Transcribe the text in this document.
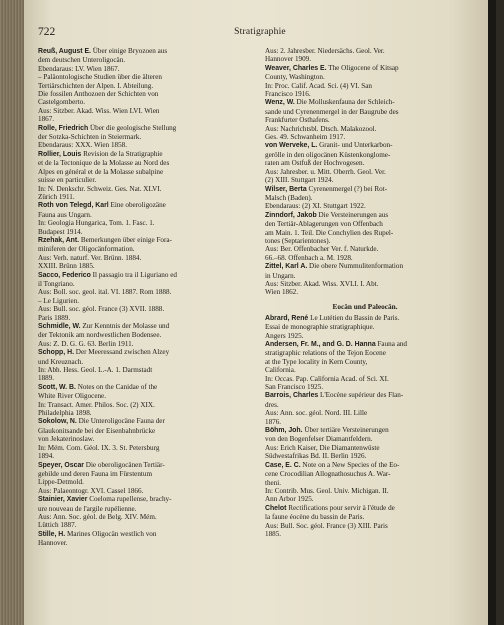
722	Stratigraphie

Reuß, August E. Über einige Bryozoen aus
dem deutschen Unteroligocän.
Ebendaraus: LV. Wien 1867.
– Paläontologische Studien über die älteren
Tertiärschichten der Alpen. I. Abteilung.
Die fossilen Anthozoen der Schichten von
Castelgomberto.
Aus: Sitzber. Akad. Wiss. Wien LVI. Wien
1867.

Rolle, Friedrich Über die geologische Stellung
der Sotzka-Schichten in Steiermark.
Ebendaraus: XXX. Wien 1858.

Rollier, Louis Revision de la Stratigraphie
et de la Tectonique de la Molasse au Nord des
Alpes en général et de la Molasse subalpine
suisse en particulier.
In: N. Denkschr. Schweiz. Ges. Nat. XLVI.
Zürich 1911.

Roth von Telegd, Karl Eine oberoligozäne
Fauna aus Ungarn.
In: Geologia Hungarica, Tom. 1. Fasc. 1.
Budapest 1914.

Rzehak, Ant. Bemerkungen über einige Fora-
miniferen der Oligocänformation.
Aus: Verh. naturf. Ver. Brünn. 1884.
XXIII. Brünn 1885.

Sacco, Federico Il passagio tra il Liguriano ed
il Tongriano.
Aus: Boll. soc. geol. ital. VI. 1887. Rom 1888.
– Le Ligurien.
Aus: Bull. soc. géol. France (3) XVII. 1888.
Paris 1889.

Schmidle, W. Zur Kenntnis der Molasse und
der Tektonik am nordwestlichen Bodensee.
Aus: Z. D. G. G. 63. Berlin 1911.

Schopp, H. Der Meeressand zwischen Alzey
und Kreuznach.
In: Abh. Hess. Geol. L.-A. 1. Darmstadt
1889.

Scott, W. B. Notes on the Canidae of the
White River Oligocene.
In: Transact. Amer. Philos. Soc. (2) XIX.
Philadelphia 1898.

Sokolow, N. Die Unteroligocäne Fauna der
Glaukonitsande bei der Eisenbahnbrücke
von Jekaterinoslaw.
In: Mém. Com. Géol. IX. 3. St. Petersburg
1894.

Speyer, Oscar Die oberoligocänen Tertiär-
gebilde und deren Fauna im Fürstentum
Lippe-Detmold.
Aus: Palaeontogr. XVI. Cassel 1866.

Stainier, Xavier Coeloma rupellense, brachy-
ure nouveau de l'argile rupélienne.
Aus: Ann. Soc. géol. de Belg. XIV. Mém.
Lüttich 1887.

Stille, H. Marines Oligocän westlich von
Hannover.

Aus: 2. Jahresber. Niedersächs. Geol. Ver.
Hannover 1909.

Weaver, Charles E. The Oligocene of Kitsap
County, Washington.
In: Proc. Calif. Acad. Sci. (4) VI. San
Francisco 1916.

Wenz, W. Die Molluskenfauna der Schleich-
sande und Cyrenenmergel in der Baugrube des
Frankfurter Osthafens.
Aus: Nachrichtsbl. Dtsch. Malakozool.
Ges. 49. Schwanheim 1917.

von Werveke, L. Granit- und Unterkarbon-
gerölle in den oligocänen Küstenkonglome-
raten am Ostfuß der Hochvogesen.
Aus: Jahresber. u. Mitt. Oberrh. Geol. Ver.
(2) XIII. Stuttgart 1924.

Wilser, Berta Cyrenenmergel (?) bei Rot-
Malsch (Baden).
Ebendaraus: (2) XI. Stuttgart 1922.

Zinndorf, Jakob Die Versteinerungen aus
den Tertiär-Ablagerungen von Offenbach
am Main. 1. Teil. Die Conchylien des Rupel-
tones (Septarientones).
Aus: Ber. Offenbacher Ver. f. Naturkde.
66.–68. Offenbach a. M. 1928.

Zittel, Karl A. Die obere Nummulitenformation
in Ungarn.
Aus: Sitzber. Akad. Wiss. XVLI. I. Abt.
Wien 1862.

Eocän und Paleocän.

Abrard, René Le Lutétien du Bassin de Paris.
Essai de monographie stratigraphique.
Angers 1925.

Andersen, Fr. M., and G. D. Hanna Fauna and
stratigraphic relations of the Tejon Eocene
at the Type locality in Kern County,
California.
In: Occas. Pap. California Acad. of Sci. XI.
San Francisco 1925.

Barrois, Charles L'Eocène supérieur des Flan-
dres.
Aus: Ann. soc. géol. Nord. III. Lille
1876.

Böhm, Joh. Über tertiäre Versteinerungen
von den Bogenfelser Diamantfeldern.
Aus: Erich Kaiser, Die Diamantenwüste
Südwestafrikas Bd. II. Berlin 1926.

Case, E. C. Note on a New Species of the Eo-
cene Crocodilian Allognathosuchus A. War-
theni.
In: Contrib. Mus. Geol. Univ. Michigan. II.
Ann Arbor 1925.

Chelot Rectifications pour servir à l'étude de
la faune éocène du bassin de Paris.
Aus: Bull. Soc. géol. France (3) XIII. Paris
1885.
